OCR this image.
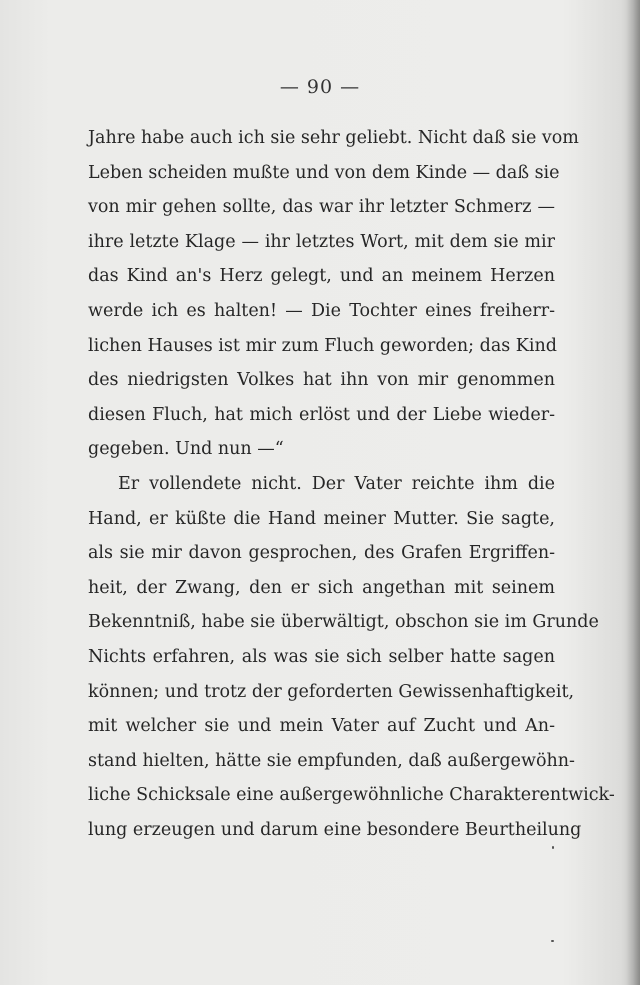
— 90 —
Jahre habe auch ich sie sehr geliebt. Nicht daß sie vom
Leben scheiden mußte und von dem Kinde — daß sie
von mir gehen sollte, das war ihr letzter Schmerz —
ihre letzte Klage — ihr letztes Wort, mit dem sie mir
das Kind an's Herz gelegt, und an meinem Herzen
werde ich es halten! — Die Tochter eines freiherr-
lichen Hauses ist mir zum Fluch geworden; das Kind
des niedrigsten Volkes hat ihn von mir genommen
diesen Fluch, hat mich erlöst und der Liebe wieder-
gegeben. Und nun —“
Er vollendete nicht. Der Vater reichte ihm die
Hand, er küßte die Hand meiner Mutter. Sie sagte,
als sie mir davon gesprochen, des Grafen Ergriffen-
heit, der Zwang, den er sich angethan mit seinem
Bekenntniß, habe sie überwältigt, obschon sie im Grunde
Nichts erfahren, als was sie sich selber hatte sagen
können; und trotz der geforderten Gewissenhaftigkeit,
mit welcher sie und mein Vater auf Zucht und An-
stand hielten, hätte sie empfunden, daß außergewöhn-
liche Schicksale eine außergewöhnliche Charakterentwick-
lung erzeugen und darum eine besondere Beurtheilung
